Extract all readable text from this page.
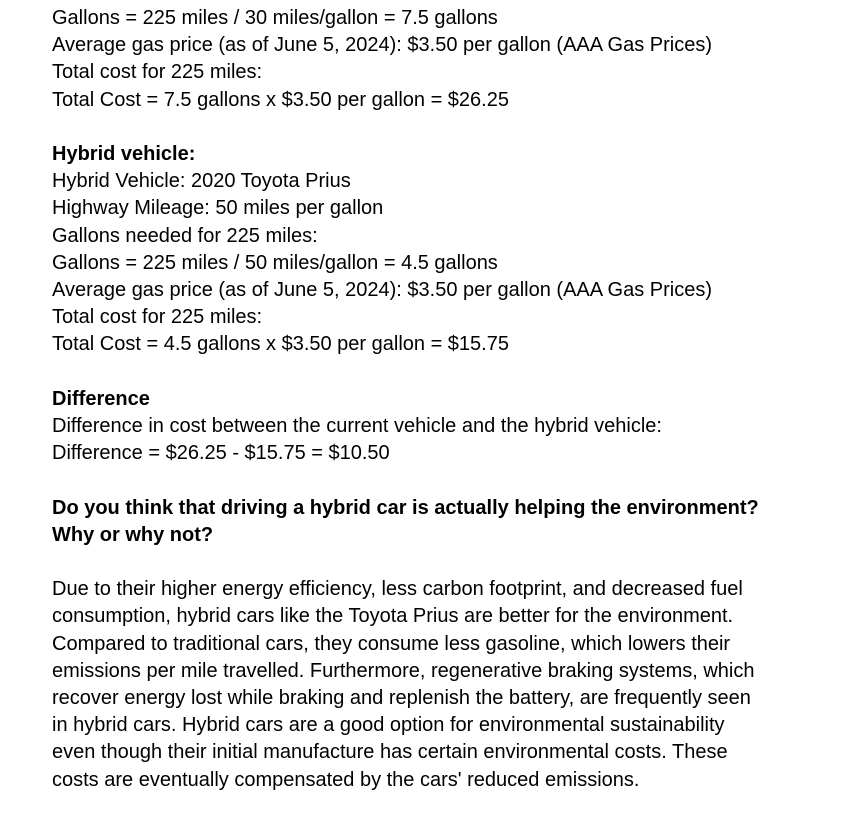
Gallons = 225 miles / 30 miles/gallon = 7.5 gallons
Average gas price (as of June 5, 2024): $3.50 per gallon (AAA Gas Prices)
Total cost for 225 miles:
Total Cost = 7.5 gallons x $3.50 per gallon = $26.25
Hybrid vehicle:
Hybrid Vehicle: 2020 Toyota Prius
Highway Mileage: 50 miles per gallon
Gallons needed for 225 miles:
Gallons = 225 miles / 50 miles/gallon = 4.5 gallons
Average gas price (as of June 5, 2024): $3.50 per gallon (AAA Gas Prices)
Total cost for 225 miles:
Total Cost = 4.5 gallons x $3.50 per gallon = $15.75
Difference
Difference in cost between the current vehicle and the hybrid vehicle:
Difference = $26.25 - $15.75 = $10.50
Do you think that driving a hybrid car is actually helping the environment?
Why or why not?
Due to their higher energy efficiency, less carbon footprint, and decreased fuel
consumption, hybrid cars like the Toyota Prius are better for the environment.
Compared to traditional cars, they consume less gasoline, which lowers their
emissions per mile travelled. Furthermore, regenerative braking systems, which
recover energy lost while braking and replenish the battery, are frequently seen
in hybrid cars. Hybrid cars are a good option for environmental sustainability
even though their initial manufacture has certain environmental costs. These
costs are eventually compensated by the cars' reduced emissions.
